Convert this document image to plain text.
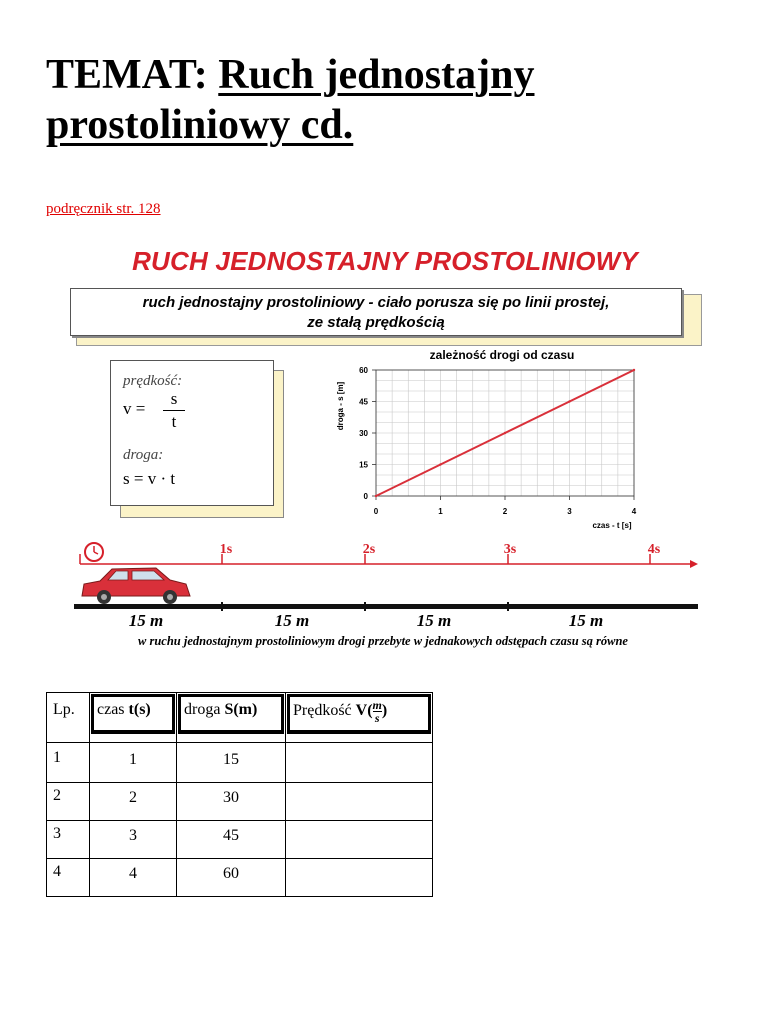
TEMAT: Ruch jednostajny
prostoliniowy cd.
podręcznik str. 128
RUCH JEDNOSTAJNY PROSTOLINIOWY
ruch jednostajny prostoliniowy - ciało porusza się po linii prostej,
ze stałą prędkością
prędkość:
v =
s
t
droga:
s = v · t
zależność drogi od czasu
0
15
30
45
60
0	1	2	3	4
czas - t [s]
droga - s [m]
1s	2s	3s	4s
15 m	15 m	15 m	15 m
w ruchu jednostajnym prostoliniowym drogi przebyte w jednakowych odstępach czasu są równe
Lp.	czas t(s)	droga S(m)	Prędkość $V( \frac{m}{s}$ )

1	1	15	
2	2	30	
3	3	45	
4	4	60	
